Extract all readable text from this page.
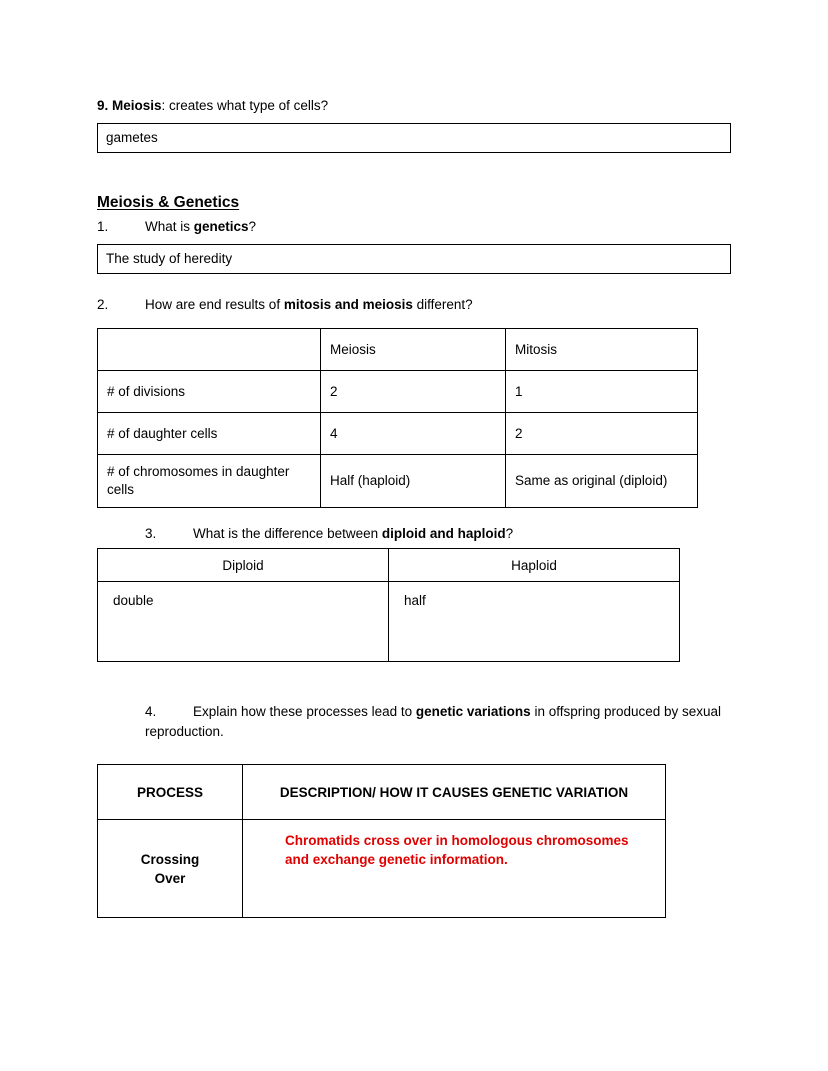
9. Meiosis: creates what type of cells?

gametes
Meiosis & Genetics

1.	What is genetics?

The study of heredity

2.	How are end results of mitosis and meiosis different?

	Meiosis	Mitosis
# of divisions	2	1
# of daughter cells	4	2
# of chromosomes in daughter cells	Half (haploid)	Same as original (diploid)

3.	What is the difference between diploid and haploid?

Diploid	Haploid
double	half

4.	Explain how these processes lead to genetic variations in offspring produced by sexual reproduction.

PROCESS	DESCRIPTION/ HOW IT CAUSES GENETIC VARIATION
Crossing Over	Chromatids cross over in homologous chromosomes and exchange genetic information.
